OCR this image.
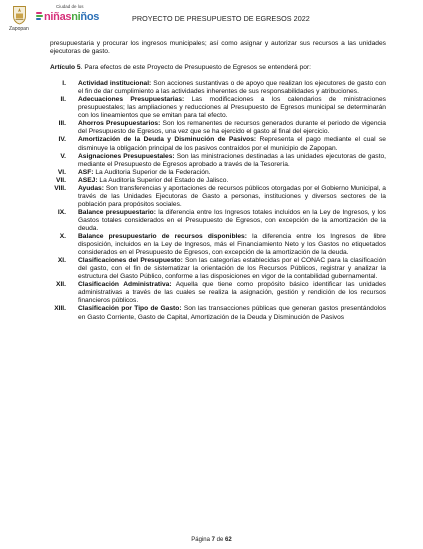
Zapopan
Ciudad de los
niñasniños	PROYECTO DE PRESUPUESTO DE EGRESOS 2022

presupuestaria y procurar los ingresos municipales; así como asignar y autorizar sus recursos a las unidades ejecutoras de gasto.

Artículo 5. Para efectos de este Proyecto de Presupuesto de Egresos se entenderá por:

I. Actividad institucional: Son acciones sustantivas o de apoyo que realizan los ejecutores de gasto con el fin de dar cumplimiento a las actividades inherentes de sus responsabilidades y atribuciones.

II. Adecuaciones Presupuestarias: Las modificaciones a los calendarios de ministraciones presupuestales; las ampliaciones y reducciones al Presupuesto de Egresos municipal se determinarán con los lineamientos que se emitan para tal efecto.

III. Ahorros Presupuestarios: Son los remanentes de recursos generados durante el periodo de vigencia del Presupuesto de Egresos, una vez que se ha ejercido el gasto al final del ejercicio.

IV. Amortización de la Deuda y Disminución de Pasivos: Representa el pago mediante el cual se disminuye la obligación principal de los pasivos contraídos por el municipio de Zapopan.

V. Asignaciones Presupuestales: Son las ministraciones destinadas a las unidades ejecutoras de gasto, mediante el Presupuesto de Egresos aprobado a través de la Tesorería.

VI. ASF: La Auditoria Superior de la Federación.

VII. ASEJ: La Auditoría Superior del Estado de Jalisco.

VIII. Ayudas: Son transferencias y aportaciones de recursos públicos otorgadas por el Gobierno Municipal, a través de las Unidades Ejecutoras de Gasto a personas, instituciones y diversos sectores de la población para propósitos sociales.

IX. Balance presupuestario: la diferencia entre los Ingresos totales incluidos en la Ley de Ingresos, y los Gastos totales considerados en el Presupuesto de Egresos, con excepción de la amortización de la deuda.

X. Balance presupuestario de recursos disponibles: la diferencia entre los Ingresos de libre disposición, incluidos en la Ley de Ingresos, más el Financiamiento Neto y los Gastos no etiquetados considerados en el Presupuesto de Egresos, con excepción de la amortización de la deuda.

XI. Clasificaciones del Presupuesto: Son las categorías establecidas por el CONAC para la clasificación del gasto, con el fin de sistematizar la orientación de los Recursos Públicos, registrar y analizar la estructura del Gasto Público, conforme a las disposiciones en vigor de la contabilidad gubernamental.

XII. Clasificación Administrativa: Aquella que tiene como propósito básico identificar las unidades administrativas a través de las cuales se realiza la asignación, gestión y rendición de los recursos financieros públicos.

XIII. Clasificación por Tipo de Gasto: Son las transacciones públicas que generan gastos presentándolos en Gasto Corriente, Gasto de Capital, Amortización de la Deuda y Disminución de Pasivos

Página 7 de 62
